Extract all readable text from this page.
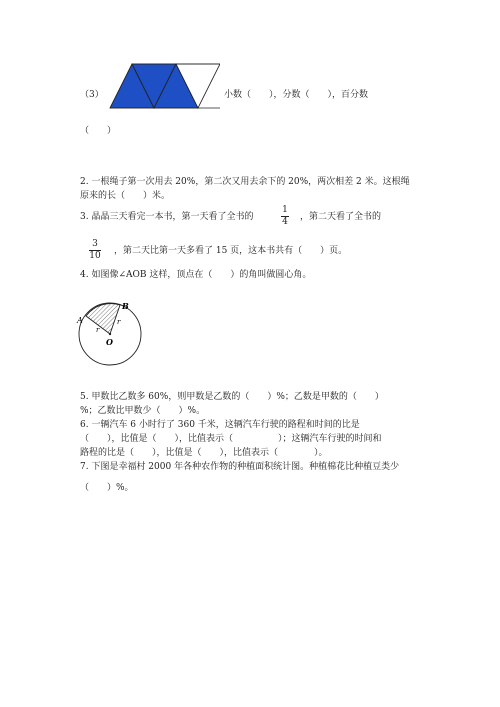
（3）	小数（　　），分数（　　），百分数
（　　）
2. 一根绳子第一次用去 20%，第二次又用去余下的 20%，两次相差 2 米。这根绳
原来的长（　　）米。
3. 晶晶三天看完一本书，第一天看了全书的
1
4 ，第二天看了全书的
3
10 ，第二天比第一天多看了 15 页，这本书共有（　　）页。
4. 如图像∠AOB 这样，顶点在（　　）的角叫做圆心角。
A
B
O
r
r
5. 甲数比乙数多 60%，则甲数是乙数的（　　）%；乙数是甲数的（　　）
%；乙数比甲数少（　　）%。
6. 一辆汽车 6 小时行了 360 千米，这辆汽车行驶的路程和时间的比是
（　　），比值是（　　），比值表示（　　　　　）；这辆汽车行驶的时间和
路程的比是（　　），比值是（　　），比值表示（　　　　）。
7. 下图是幸福村 2000 年各种农作物的种植面积统计图。种植棉花比种植豆类少
（　　）%。
